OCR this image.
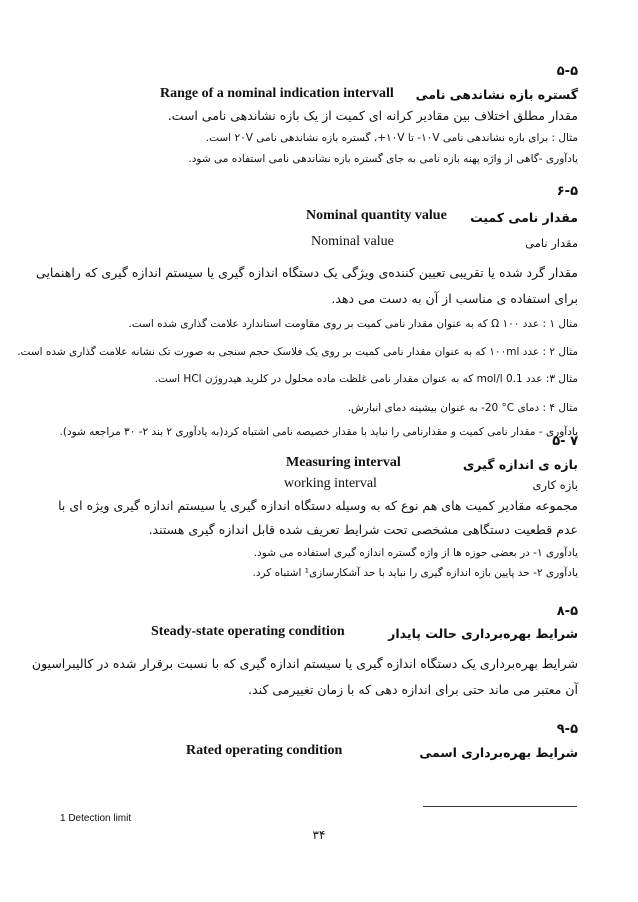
۵-۵
گستره بازه نشاندهی نامی
Range of a nominal indication intervall
مقدار مطلق اختلاف بین مقادیر کرانه ای کمیت از یک بازه نشاندهی نامی است.
مثال : برای بازه نشاندهی نامی ۱۰V- تا ۱۰V+، گستره بازه نشاندهی نامی ۲۰V است.
یادآوری -گاهی از واژه پهنه بازه نامی به جای گستره بازه نشاندهی نامی استفاده می شود.
۶-۵
مقدار نامی کمیت
Nominal quantity value
مقدار نامی
Nominal value
مقدار گرد شده یا تقریبی تعیین کننده‌ی ویژگی یک دستگاه اندازه گیری یا سیستم اندازه گیری که راهنمایی
برای استفاده ی مناسب از آن به دست می دهد.
مثال ۱ : عدد ۱۰۰ Ω که به عنوان مقدار نامی کمیت بر روی مقاومت استاندارد علامت گذاری شده است.
مثال ۲ : عدد ۱۰۰ml که به عنوان مقدار نامی کمیت بر روی یک فلاسک حجم سنجی به صورت تک نشانه علامت گذاری شده است.
مثال ۳: عدد 0.1 mol/l که به عنوان مقدار نامی غلظت ماده محلول در کلرید هیدروژن HCl است.
مثال ۴ : دمای ‎-20 °C‎ به عنوان بیشینه دمای انبارش.
یادآوری - مقدار نامی کمیت و مقدارنامی را نباید با مقدار خصیصه نامی اشتباه کرد(به یادآوری ۲ بند ۲- ۳۰ مراجعه شود).
۷ -۵
بازه ی اندازه گیری
Measuring interval
بازه کاری
working interval
مجموعه مقادیر کمیت های هم نوع که به وسیله دستگاه اندازه گیری یا سیستم اندازه گیری ویژه ای با
عدم قطعیت دستگاهی مشخصی تحت شرایط تعریف شده قابل اندازه گیری هستند.
یادآوری ۱- در بعضی حوزه ها از واژه گستره اندازه گیری استفاده می شود.
یادآوری ۲- حد پایین بازه اندازه گیری را نباید با حد آشکارسازی¹ اشتباه کرد.
۸-۵
شرایط بهره‌برداری حالت پایدار
Steady-state operating condition
شرایط بهره‌برداری یک دستگاه اندازه گیری یا سیستم اندازه گیری که با نسبت برقرار شده در کالیبراسیون
آن معتبر می ماند حتی برای اندازه دهی که با زمان تغییرمی کند.
۹-۵
شرایط بهره‌برداری اسمی
Rated operating condition
1 Detection limit
۳۴
